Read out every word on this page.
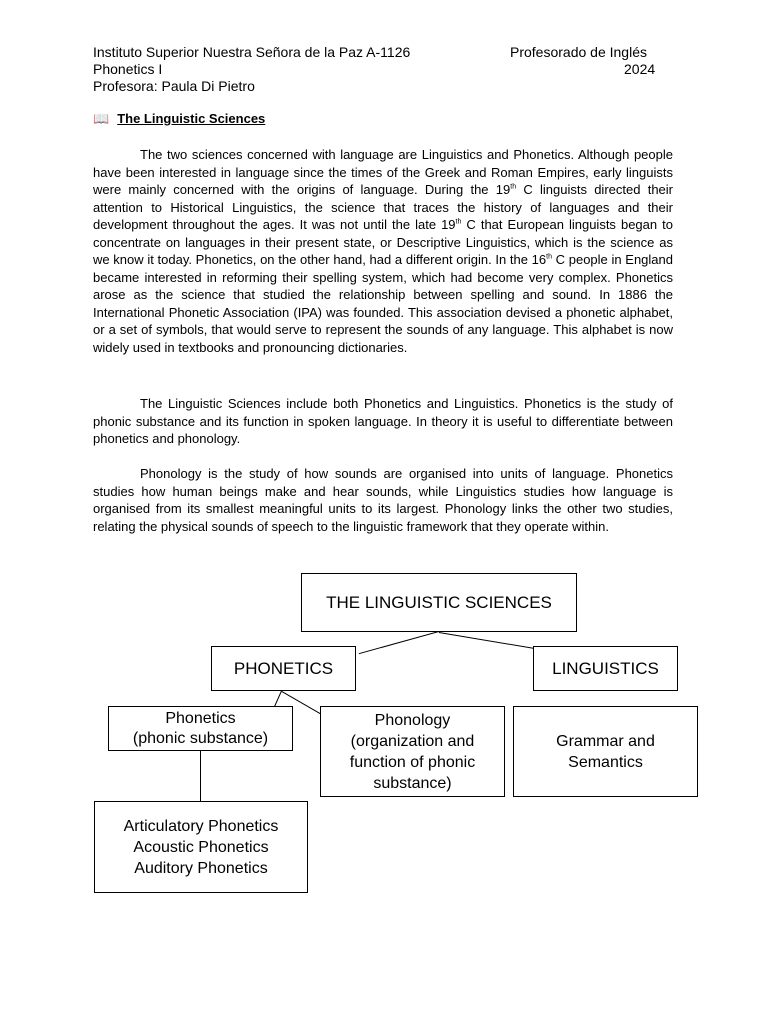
Instituto Superior Nuestra Señora de la Paz A-1126	Profesorado de Inglés
Phonetics I	2024
Profesora: Paula Di Pietro
📖 The Linguistic Sciences

The two sciences concerned with language are Linguistics and Phonetics. Although people have been interested in language since the times of the Greek and Roman Empires, early linguists were mainly concerned with the origins of language. During the 19th C linguists directed their attention to Historical Linguistics, the science that traces the history of languages and their development throughout the ages. It was not until the late 19th C that European linguists began to concentrate on languages in their present state, or Descriptive Linguistics, which is the science as we know it today. Phonetics, on the other hand, had a different origin. In the 16th C people in England became interested in reforming their spelling system, which had become very complex. Phonetics arose as the science that studied the relationship between spelling and sound. In 1886 the International Phonetic Association (IPA) was founded. This association devised a phonetic alphabet, or a set of symbols, that would serve to represent the sounds of any language. This alphabet is now widely used in textbooks and pronouncing dictionaries.

The Linguistic Sciences include both Phonetics and Linguistics. Phonetics is the study of phonic substance and its function in spoken language. In theory it is useful to differentiate between phonetics and phonology.

Phonology is the study of how sounds are organised into units of language. Phonetics studies how human beings make and hear sounds, while Linguistics studies how language is organised from its smallest meaningful units to its largest. Phonology links the other two studies, relating the physical sounds of speech to the linguistic framework that they operate within.

THE LINGUISTIC SCIENCES
PHONETICS	LINGUISTICS
Phonetics
(phonic substance)
Phonology
(organization and
function of phonic
substance)
Grammar and
Semantics
Articulatory Phonetics
Acoustic Phonetics
Auditory Phonetics
